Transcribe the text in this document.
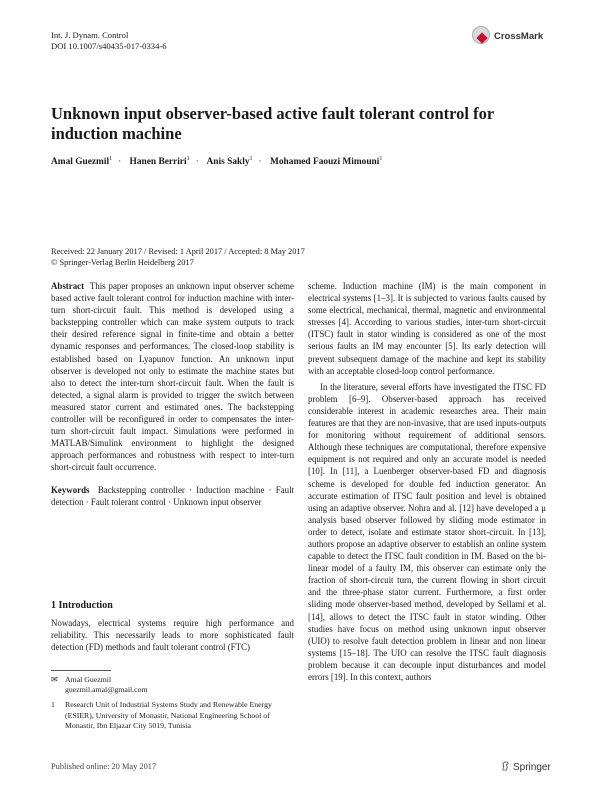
Int. J. Dynam. Control
DOI 10.1007/s40435-017-0334-6
CrossMark
Unknown input observer-based active fault tolerant control for induction machine
Amal Guezmil$^1$ · Hanen Berriri$^1$ · Anis Sakly$^1$ · Mohamed Faouzi Mimouni$^1$
Received: 22 January 2017 / Revised: 1 April 2017 / Accepted: 8 May 2017
© Springer-Verlag Berlin Heidelberg 2017

Abstract This paper proposes an unknown input observer scheme based active fault tolerant control for induction machine with inter-turn short-circuit fault. This method is developed using a backstepping controller which can make system outputs to track their desired reference signal in finite-time and obtain a better dynamic responses and performances. The closed-loop stability is established based on Lyapunov function. An unknown input observer is developed not only to estimate the machine states but also to detect the inter-turn short-circuit fault. When the fault is detected, a signal alarm is provided to trigger the switch between measured stator current and estimated ones. The backstepping controller will be reconfigured in order to compensates the inter-turn short-circuit fault impact. Simulations were performed in MATLAB/Simulink environment to highlight the designed approach performances and robustness with respect to inter-turn short-circuit fault occurrence.

Keywords Backstepping controller · Induction machine · Fault detection · Fault tolerant control · Unknown input observer

1 Introduction
Nowadays, electrical systems require high performance and reliability. This necessarily leads to more sophisticated fault detection (FD) methods and fault tolerant control (FTC)
✉ Amal Guezmil
guezmil.amal@gmail.com
1	Research Unit of Industrial Systems Study and Renewable Energy (ESIER), University of Monastir, National Engineering School of Monastir, Ibn Eljazar City 5019, Tunisia

scheme. Induction machine (IM) is the main component in electrical systems [1–3]. It is subjected to various faults caused by some electrical, mechanical, thermal, magnetic and environmental stresses [4]. According to various studies, inter-turn short-circuit (ITSC) fault in stator winding is considered as one of the most serious faults an IM may encounter [5]. Its early detection will prevent subsequent damage of the machine and kept its stability with an acceptable closed-loop control performance.

In the literature, several efforts have investigated the ITSC FD problem [6–9]. Observer-based approach has received considerable interest in academic researches area. Their main features are that they are non-invasive, that are used inputs-outputs for monitoring without requirement of additional sensors. Although these techniques are computational, therefore expensive equipment is not required and only an accurate model is needed [10]. In [11], a Luenberger observer-based FD and diagnosis scheme is developed for double fed induction generator. An accurate estimation of ITSC fault position and level is obtained using an adaptive observer. Nohra and al. [12] have developed a μ analysis based observer followed by sliding mode estimator in order to detect, isolate and estimate stator short-circuit. In [13], authors propose an adaptive observer to establish an online system capable to detect the ITSC fault condition in IM. Based on the bi-linear model of a faulty IM, this observer can estimate only the fraction of short-circuit turn, the current flowing in short circuit and the three-phase stator current. Furthermore, a first order sliding mode observer-based method, developed by Sellami et al. [14], allows to detect the ITSC fault in stator winding. Other studies have focus on method using unknown input observer (UIO) to resolve fault detection problem in linear and non linear systems [15–18]. The UIO can resolve the ITSC fault diagnosis problem because it can decouple input disturbances and model errors [19]. In this context, authors

Published online: 20 May 2017	Springer
